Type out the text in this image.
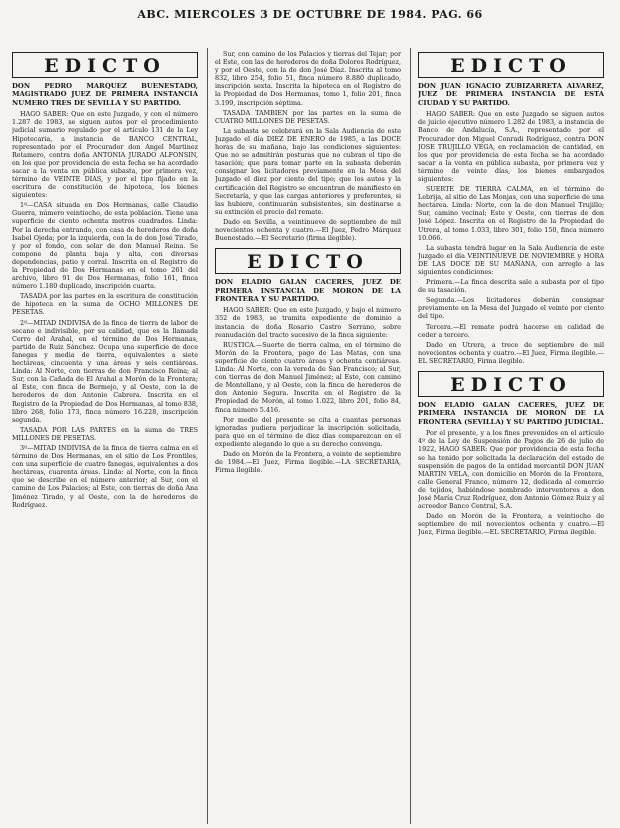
ABC. MIERCOLES 3 DE OCTUBRE DE 1984. PAG. 66
EDICTO
DON PEDRO MARQUEZ BUENESTADO, MAGISTRADO JUEZ DE PRIMERA INSTANCIA NUMERO TRES DE SEVILLA Y SU PARTIDO.

HAGO SABER: Que en este Juzgado, y con el número 1.287 de 1983, se siguen autos por el procedimiento judicial sumario regulado por el artículo 131 de la Ley Hipotecaria, a instancia de BANCO CENTRAL, representado por el Procurador don Angel Martinez Retamero, contra doña ANTONIA JURADO ALFONSIN, en los que por providencia de esta fecha se ha acordado sacar a la venta en pública subasta, por primera vez, término de VEINTE DIAS, y por el tipo fijado en la escritura de constitución de hipoteca, los bienes siguientes:

1º—CASA situada en Dos Hermanas, calle Claudio Guerra, número veintiocho, de esta población. Tiene una superficie de ciento ochenta metros cuadrados. Linda: Por la derecha entrando, con casa de herederos de doña Isabel Ojeda; por la izquierda, con la de don José Tirado, y por el fondo, con solar de don Manuel Reina. Se compone de planta baja y alta, con diversas dependencias, patio y corral. Inscrita en el Registro de la Propiedad de Dos Hermanas en el tomo 261 del archivo, libro 91 de Dos Hermanas, folio 161, finca número 1.180 duplicado, inscripción cuarta.

TASADA por las partes en la escritura de constitución de hipoteca en la suma de OCHO MILLONES DE PESETAS.

2º—MITAD INDIVISA de la finca de tierra de labor de secano e indivisible, por su calidad, que es la llamada Cerro del Arahal, en el término de Dos Hermanas, partido de Ruiz Sánchez. Ocupa una superficie de doce fanegas y media de tierra, equivalentes a siete hectáreas, cincuenta y una áreas y seis centiáreas. Linda: Al Norte, con tierras de don Francisco Reina; al Sur, con la Cañada de El Arahal a Morón de la Frontera; al Este, con finca de Bermejo, y al Oeste, con la de herederos de don Antonio Cabrera. Inscrita en el Registro de la Propiedad de Dos Hermanas, al tomo 838, libro 268, folio 173, finca número 16.228, inscripción segunda.

TASADA POR LAS PARTES en la suma de TRES MILLONES DE PESETAS.

3º—MITAD INDIVISA de la finca de tierra calma en el término de Dos Hermanas, en el sitio de Los Frontiles, con una superficie de cuatro fanegas, equivalentes a dos hectáreas, cuarenta áreas. Linda: al Norte, con la finca que se describe en el número anterior; al Sur, con el camino de Los Palacios; al Este, con tierras de doña Ana Jiménez Tirado, y al Oeste, con la de herederos de Rodríguez.

Sur, con camino de los Palacios y tierras del Tejar; por el Este, con las de herederos de doña Dolores Rodríguez, y por el Oeste, con la de don José Díaz. Inscrita al tomo 832, libro 254, folio 51, finca número 8.880 duplicado, inscripción sexta. Inscrita la hipoteca en el Registro de la Propiedad de Dos Hermanas, tomo 1, folio 201, finca 3.199, inscripción séptima.

TASADA TAMBIEN por las partes en la suma de CUATRO MILLONES DE PESETAS.

La subasta se celebrará en la Sala Audiencia de este Juzgado el día DIEZ DE ENERO de 1985, a las DOCE horas de su mañana, bajo las condiciones siguientes: Que no se admitirán posturas que no cubran el tipo de tasación; que para tomar parte en la subasta deberán consignar los licitadores previamente en la Mesa del Juzgado el diez por ciento del tipo; que los autos y la certificación del Registro se encuentran de manifiesto en Secretaría, y que las cargas anteriores y preferentes, si las hubiere, continuarán subsistentes, sin destinarse a su extinción el precio del remate.

Dado en Sevilla, a veintinueve de septiembre de mil novecientos ochenta y cuatro.—El Juez, Pedro Márquez Buenestado.—El Secretario (firma ilegible).

EDICTO
DON ELADIO GALAN CACERES, JUEZ DE PRIMERA INSTANCIA DE MORON DE LA FRONTERA Y SU PARTIDO.

HAGO SABER: Que en este Juzgado, y bajo el número 352 de 1983, se tramita expediente de dominio a instancia de doña Rosario Castro Serrano, sobre reanudación del tracto sucesivo de la finca siguiente:

RUSTICA.—Suerte de tierra calma, en el término de Morón de la Frontera, pago de Las Matas, con una superficie de ciento cuatro áreas y ochenta centiáreas. Linda: Al Norte, con la vereda de San Francisco; al Sur, con tierras de don Manuel Jiménez; al Este, con camino de Montellano, y al Oeste, con la finca de herederos de don Antonio Segura. Inscrita en el Registro de la Propiedad de Morón, al tomo 1.022, libro 201, folio 84, finca número 5.416.

Por medio del presente se cita a cuantas personas ignoradas pudiera perjudicar la inscripción solicitada, para que en el término de diez días comparezcan en el expediente alegando lo que a su derecho convenga.

Dado en Morón de la Frontera, a veinte de septiembre de 1984.—El Juez, Firma ilegible.—LA SECRETARIA, Firma ilegible.

EDICTO
DON JUAN IGNACIO ZUBIZARRETA ALVAREZ, JUEZ DE PRIMERA INSTANCIA DE ESTA CIUDAD Y SU PARTIDO.

HAGO SABER: Que en este Juzgado se siguen autos de juicio ejecutivo número 1.282 de 1983, a instancia de Banco de Andalucía, S.A., representado por el Procurador don Miguel Conradi Rodríguez, contra DON JOSE TRUJILLO VEGA, en reclamación de cantidad, en los que por providencia de esta fecha se ha acordado sacar a la venta en pública subasta, por primera vez y término de veinte días, los bienes embargados siguientes:

SUERTE DE TIERRA CALMA, en el término de Lebrija, al sitio de Las Monjas, con una superficie de una hectárea. Linda: Norte, con la de don Manuel Trujillo; Sur, camino vecinal; Este y Oeste, con tierras de don José López. Inscrita en el Registro de la Propiedad de Utrera, al tomo 1.033, libro 301, folio 150, finca número 10.066.

La subasta tendrá lugar en la Sala Audiencia de este Juzgado el día VEINTINUEVE DE NOVIEMBRE y HORA DE LAS DOCE DE SU MAÑANA, con arreglo a las siguientes condiciones:

Primera.—La finca descrita sale a subasta por el tipo de su tasación.

Segunda.—Los licitadores deberán consignar previamente en la Mesa del Juzgado el veinte por ciento del tipo.

Tercera.—El remate podrá hacerse en calidad de ceder a tercero.

Dado en Utrera, a trece de septiembre de mil novecientos ochenta y cuatro.—El Juez, Firma ilegible.—EL SECRETARIO, Firma ilegible.

EDICTO
DON ELADIO GALAN CACERES, JUEZ DE PRIMERA INSTANCIA DE MORON DE LA FRONTERA (SEVILLA) Y SU PARTIDO JUDICIAL.

Por el presente, y a los fines prevenidos en el artículo 4º de la Ley de Suspensión de Pagos de 26 de julio de 1922, HAGO SABER: Que por providencia de esta fecha se ha tenido por solicitada la declaración del estado de suspensión de pagos de la entidad mercantil DON JUAN MARTIN VELA, con domicilio en Morón de la Frontera, calle General Franco, número 12, dedicada al comercio de tejidos, habiéndose nombrado interventores a don José María Cruz Rodríguez, don Antonio Gómez Ruiz y al acreedor Banco Central, S.A.

Dado en Morón de la Frontera, a veintiocho de septiembre de mil novecientos ochenta y cuatro.—El Juez, Firma ilegible.—EL SECRETARIO, Firma ilegible.
